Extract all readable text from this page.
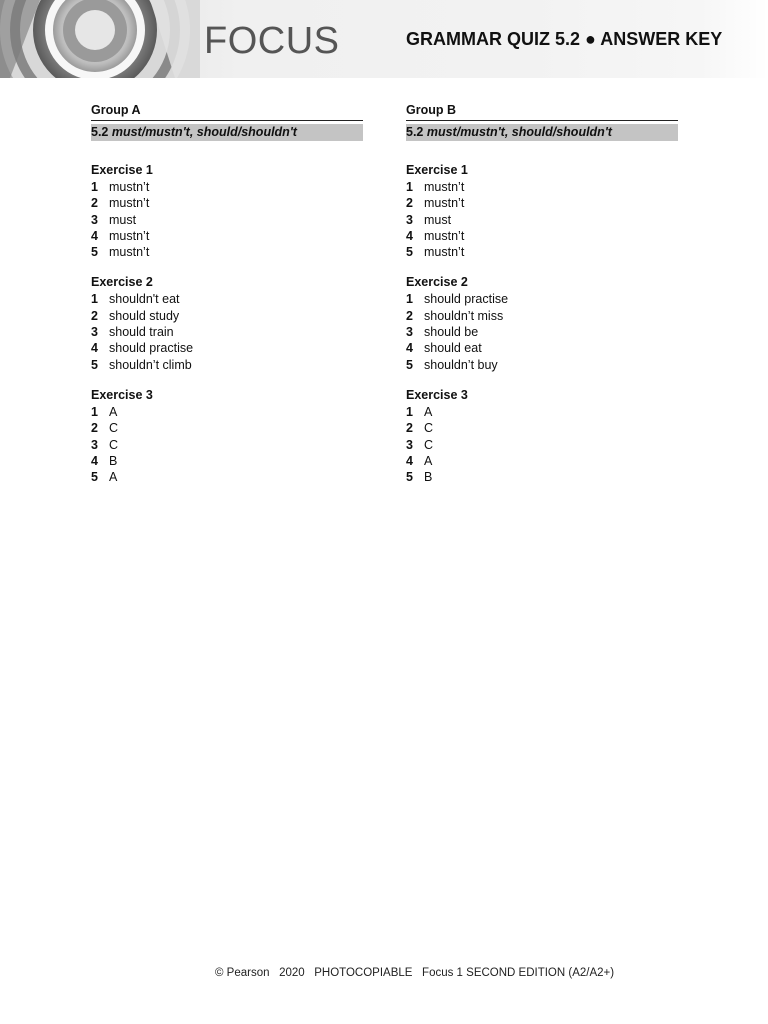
FOCUS	GRAMMAR QUIZ 5.2 ● ANSWER KEY
Group A
5.2 must/mustn't, should/shouldn't
Exercise 1
1 mustn’t
2 mustn’t
3 must
4 mustn’t
5 mustn’t
Exercise 2
1 shouldn't eat
2 should study
3 should train
4 should practise
5 shouldn’t climb
Exercise 3
1 A
2 C
3 C
4 B
5 A
Group B
5.2 must/mustn't, should/shouldn't
Exercise 1
1 mustn’t
2 mustn’t
3 must
4 mustn’t
5 mustn’t
Exercise 2
1 should practise
2 shouldn’t miss
3 should be
4 should eat
5 shouldn’t buy
Exercise 3
1 A
2 C
3 C
4 A
5 B
© Pearson   2020   PHOTOCOPIABLE   Focus 1 SECOND EDITION (A2/A2+)
